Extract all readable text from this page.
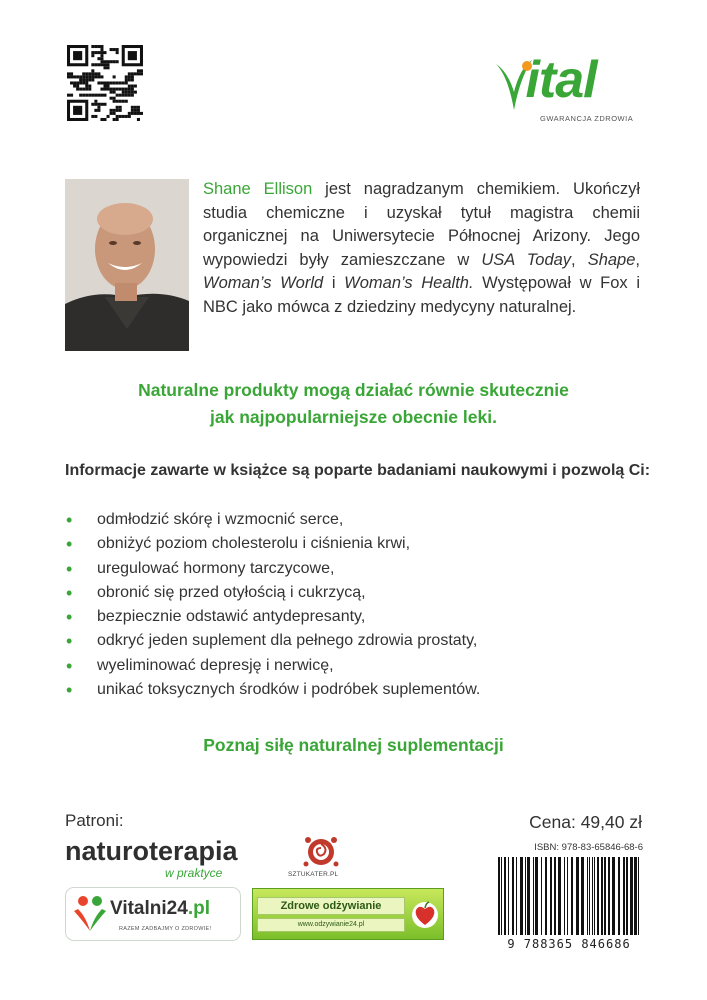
ital
GWARANCJA ZDROWIA
Shane Ellison jest nagradzanym chemikiem. Ukończył studia chemiczne i uzyskał tytuł magistra chemii organicznej na Uniwersytecie Północnej Arizony. Jego wypowiedzi były zamieszczane w USA Today, Shape, Woman’s World i Woman’s Health. Występował w Fox i NBC jako mówca z dziedziny medycyny naturalnej.
Naturalne produkty mogą działać równie skutecznie
jak najpopularniejsze obecnie leki.
Informacje zawarte w książce są poparte badaniami naukowymi i pozwolą Ci:
• odmłodzić skórę i wzmocnić serce,
• obniżyć poziom cholesterolu i ciśnienia krwi,
• uregulować hormony tarczycowe,
• obronić się przed otyłością i cukrzycą,
• bezpiecznie odstawić antydepresanty,
• odkryć jeden suplement dla pełnego zdrowia prostaty,
• wyeliminować depresję i nerwicę,
• unikać toksycznych środków i podróbek suplementów.
Poznaj siłę naturalnej suplementacji
Patroni:
naturoterapia
w praktyce	SZTUKATER.PL
Vitalni24.pl
RAZEM ZADBAJMY O ZDROWIE!
Zdrowe odżywianie
www.odzywianie24.pl
Cena: 49,40 zł
ISBN: 978-83-65846-68-6
9 788365 846686
